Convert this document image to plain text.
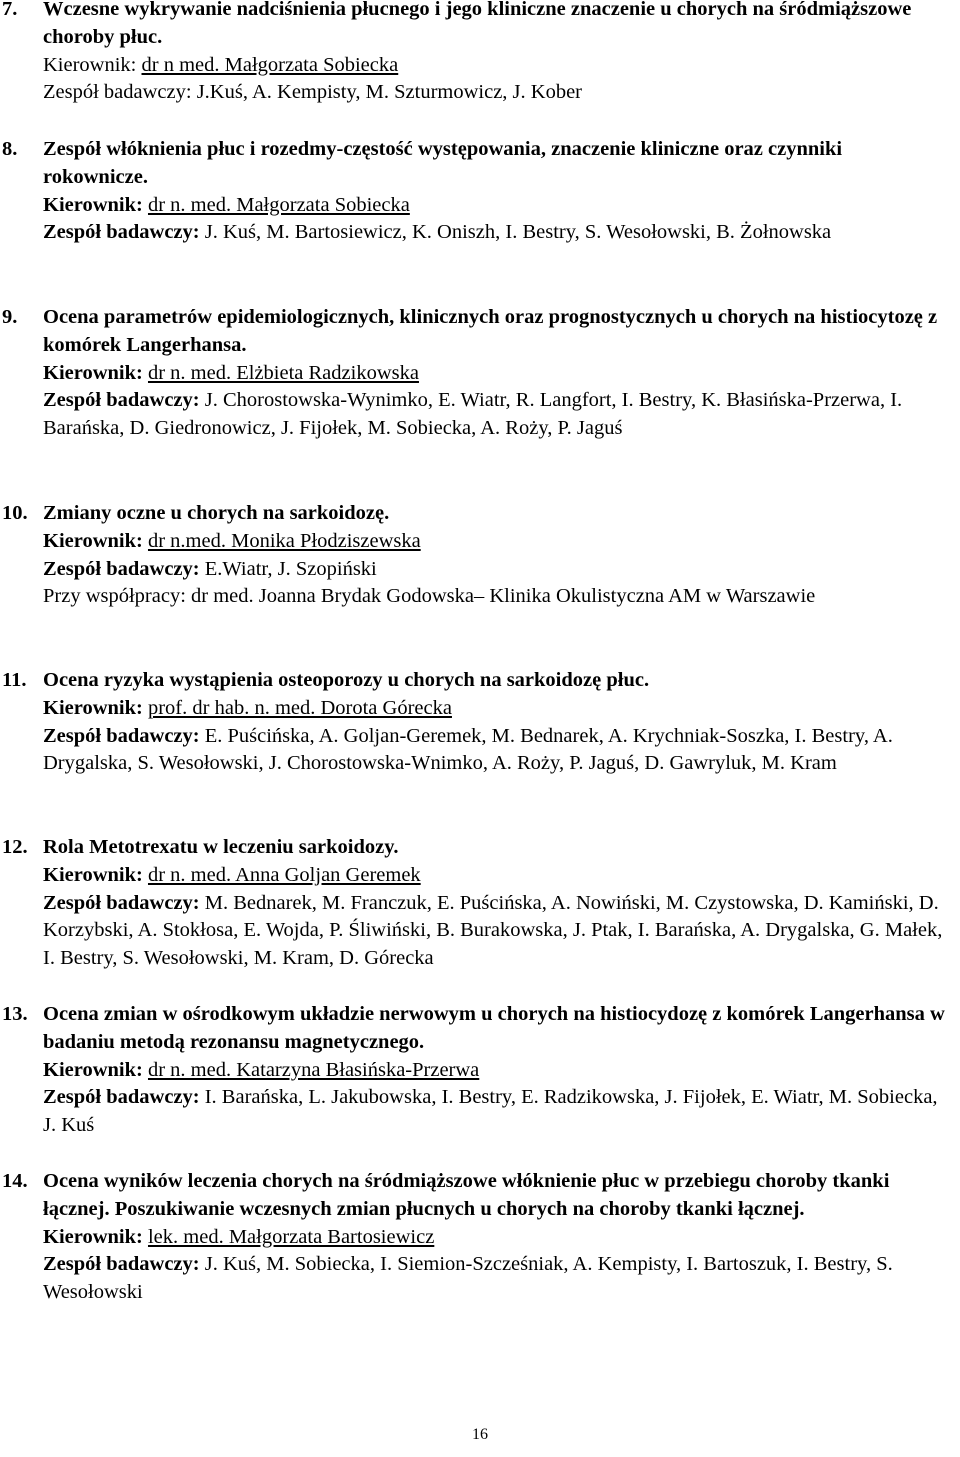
7. Wczesne wykrywanie nadciśnienia płucnego i jego kliniczne znaczenie u chorych na śródmiąższowe choroby płuc.
Kierownik: dr n med. Małgorzata Sobiecka
Zespół badawczy: J.Kuś, A. Kempisty, M. Szturmowicz, J. Kober
8. Zespół włóknienia płuc i rozedmy-częstość występowania, znaczenie kliniczne oraz czynniki rokownicze.
Kierownik: dr n. med. Małgorzata Sobiecka
Zespół badawczy: J. Kuś, M. Bartosiewicz, K. Oniszh, I. Bestry, S. Wesołowski, B. Żołnowska
9. Ocena parametrów epidemiologicznych, klinicznych oraz prognostycznych u chorych na histiocytozę z komórek Langerhansa.
Kierownik: dr n. med. Elżbieta Radzikowska
Zespół badawczy: J. Chorostowska-Wynimko, E. Wiatr, R. Langfort, I. Bestry, K. Błasińska-Przerwa, I. Barańska, D. Giedronowicz, J. Fijołek, M. Sobiecka, A. Roży, P. Jaguś
10. Zmiany oczne u chorych na sarkoidozę.
Kierownik: dr n.med. Monika Płodziszewska
Zespół badawczy: E.Wiatr, J. Szopiński
Przy współpracy: dr med. Joanna Brydak Godowska– Klinika Okulistyczna AM w Warszawie
11. Ocena ryzyka wystąpienia osteoporozy u chorych na sarkoidozę płuc.
Kierownik: prof. dr hab. n. med. Dorota Górecka
Zespół badawczy: E. Puścińska, A. Goljan-Geremek, M. Bednarek, A. Krychniak-Soszka, I. Bestry, A. Drygalska, S. Wesołowski, J. Chorostowska-Wnimko, A. Roży, P. Jaguś, D. Gawryluk, M. Kram
12. Rola Metotrexatu w leczeniu sarkoidozy.
Kierownik: dr n. med. Anna Goljan Geremek
Zespół badawczy: M. Bednarek, M. Franczuk, E. Puścińska, A. Nowiński, M. Czystowska, D. Kamiński, D. Korzybski, A. Stokłosa, E. Wojda, P. Śliwiński, B. Burakowska, J. Ptak, I. Barańska, A. Drygalska, G. Małek, I. Bestry, S. Wesołowski, M. Kram, D. Górecka
13. Ocena zmian w ośrodkowym układzie nerwowym u chorych na histiocydozę z komórek Langerhansa w badaniu metodą rezonansu magnetycznego.
Kierownik: dr n. med. Katarzyna Błasińska-Przerwa
Zespół badawczy: I. Barańska, L. Jakubowska, I. Bestry, E. Radzikowska, J. Fijołek, E. Wiatr, M. Sobiecka, J. Kuś
14. Ocena wyników leczenia chorych na śródmiąższowe włóknienie płuc w przebiegu choroby tkanki łącznej. Poszukiwanie wczesnych zmian płucnych u chorych na choroby tkanki łącznej.
Kierownik: lek. med. Małgorzata Bartosiewicz
Zespół badawczy: J. Kuś, M. Sobiecka, I. Siemion-Szcześniak, A. Kempisty, I. Bartoszuk, I. Bestry, S. Wesołowski
16
